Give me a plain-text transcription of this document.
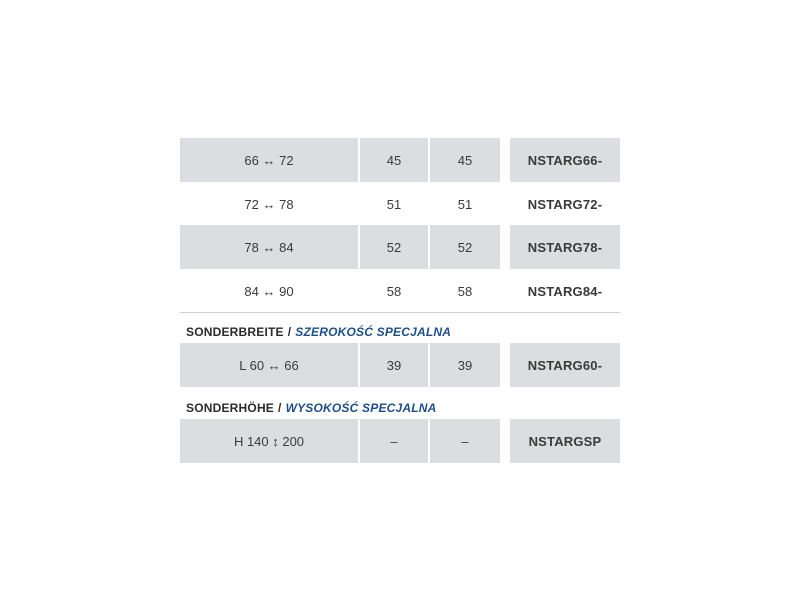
66 ↔ 72	45	45	NSTARG66-
72 ↔ 78	51	51	NSTARG72-
78 ↔ 84	52	52	NSTARG78-
84 ↔ 90	58	58	NSTARG84-
SONDERBREITE / SZEROKOŚĆ SPECJALNA
L 60 ↔ 66	39	39	NSTARG60-
SONDERHÖHE / WYSOKOŚĆ SPECJALNA
H 140 ↕ 200	–	–	NSTARGSP
